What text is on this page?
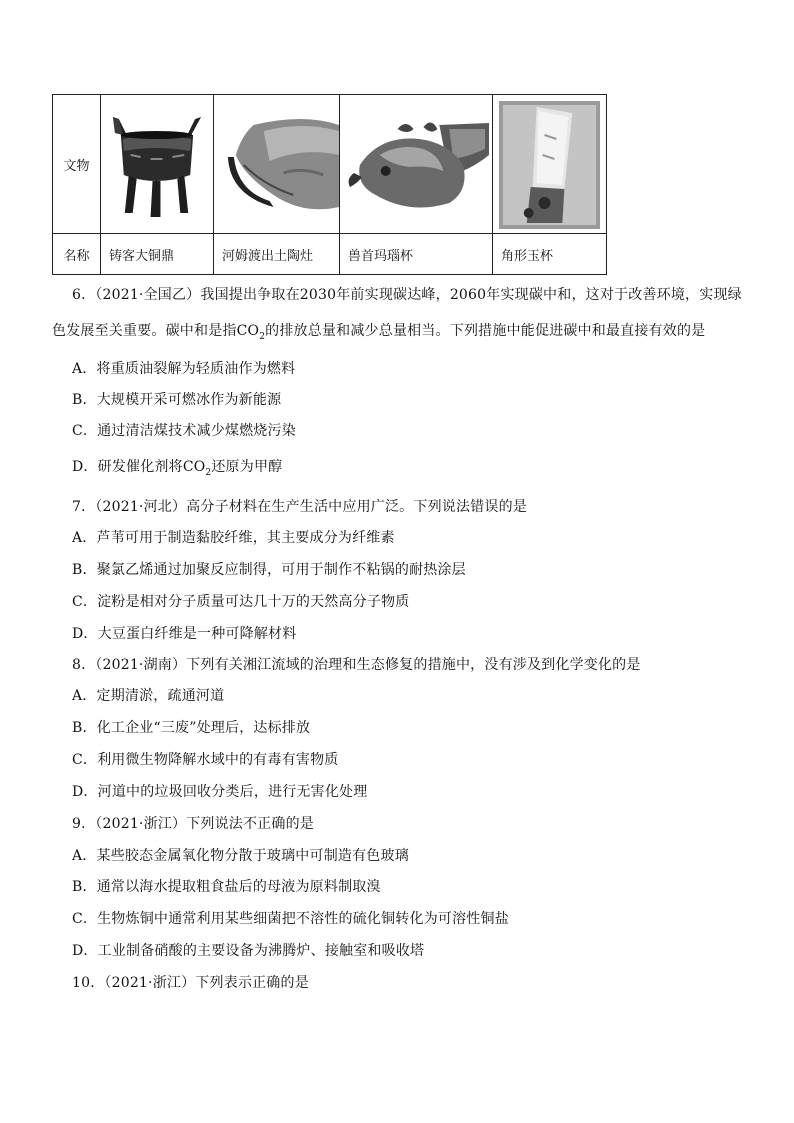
文物	

名称	铸客大铜鼎	河姆渡出土陶灶	兽首玛瑙杯	角形玉杯
6．（2021·全国乙）我国提出争取在2030年前实现碳达峰，2060年实现碳中和，这对于改善环境，实现绿
色发展至关重要。碳中和是指$CO_2$的排放总量和减少总量相当。下列措施中能促进碳中和最直接有效的是
A．将重质油裂解为轻质油作为燃料
B．大规模开采可燃冰作为新能源
C．通过清洁煤技术减少煤燃烧污染
D．研发催化剂将$CO_2$还原为甲醇
7．（2021·河北）高分子材料在生产生活中应用广泛。下列说法错误的是
A．芦苇可用于制造黏胶纤维，其主要成分为纤维素
B．聚氯乙烯通过加聚反应制得，可用于制作不粘锅的耐热涂层
C．淀粉是相对分子质量可达几十万的天然高分子物质
D．大豆蛋白纤维是一种可降解材料
8．（2021·湖南）下列有关湘江流域的治理和生态修复的措施中，没有涉及到化学变化的是
A．定期清淤，疏通河道
B．化工企业“三废”处理后，达标排放
C．利用微生物降解水域中的有毒有害物质
D．河道中的垃圾回收分类后，进行无害化处理
9．（2021·浙江）下列说法不正确的是
A．某些胶态金属氧化物分散于玻璃中可制造有色玻璃
B．通常以海水提取粗食盐后的母液为原料制取溴
C．生物炼铜中通常利用某些细菌把不溶性的硫化铜转化为可溶性铜盐
D．工业制备硝酸的主要设备为沸腾炉、接触室和吸收塔
10．（2021·浙江）下列表示正确的是
